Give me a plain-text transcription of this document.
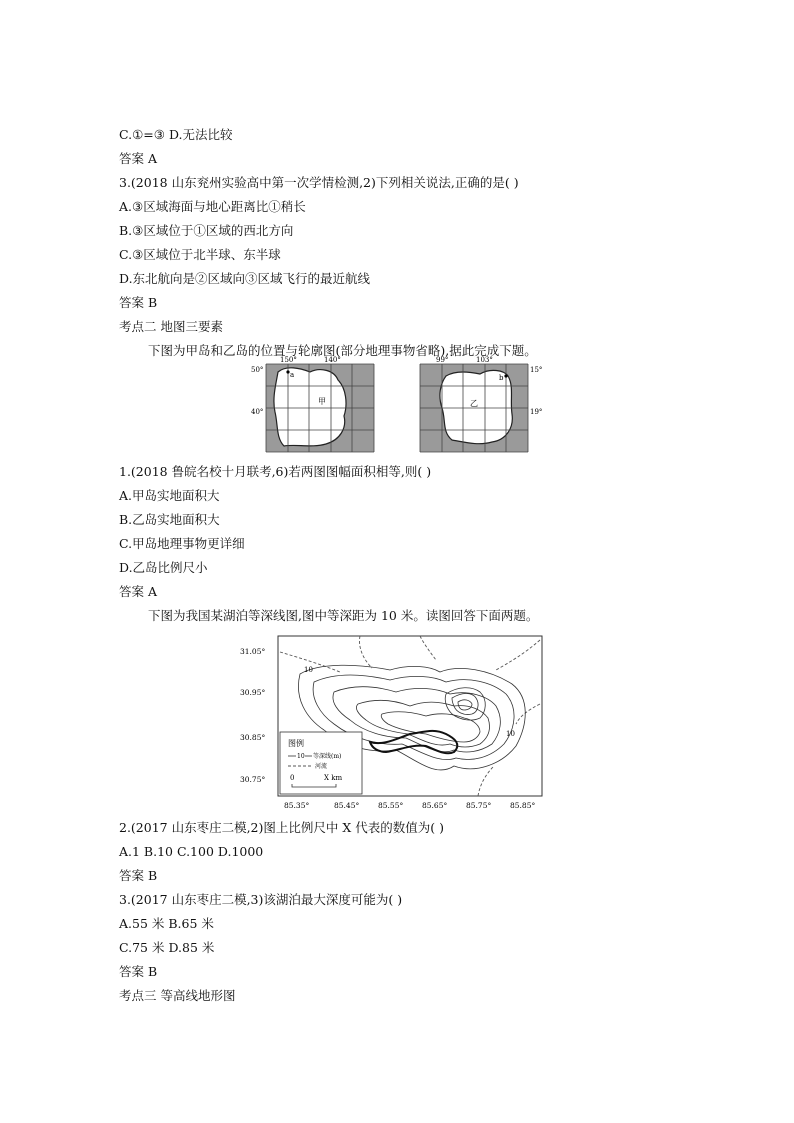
C.①=③ D.无法比较
答案 A
3.(2018 山东兖州实验高中第一次学情检测,2)下列相关说法,正确的是( )
A.③区域海面与地心距离比①稍长
B.③区域位于①区域的西北方向
C.③区域位于北半球、东半球
D.东北航向是②区域向③区域飞行的最近航线
答案 B
考点二 地图三要素
下图为甲岛和乙岛的位置与轮廓图(部分地理事物省略),据此完成下题。
a
甲
150°	140°
50°
40°
b
乙
99°	103°
15°
19°
1.(2018 鲁皖名校十月联考,6)若两图图幅面积相等,则( )
A.甲岛实地面积大
B.乙岛实地面积大
C.甲岛地理事物更详细
D.乙岛比例尺小
答案 A
下图为我国某湖泊等深线图,图中等深距为 10 米。读图回答下面两题。
10
10
图例
10 等深线(m)
河流
0	X km
31.05°
30.95°
30.85°
30.75°
85.35°	85.45°	85.55°	85.65°	85.75°	85.85°
2.(2017 山东枣庄二模,2)图上比例尺中 X 代表的数值为( )
A.1 B.10 C.100 D.1000
答案 B
3.(2017 山东枣庄二模,3)该湖泊最大深度可能为( )
A.55 米 B.65 米
C.75 米 D.85 米
答案 B
考点三 等高线地形图
